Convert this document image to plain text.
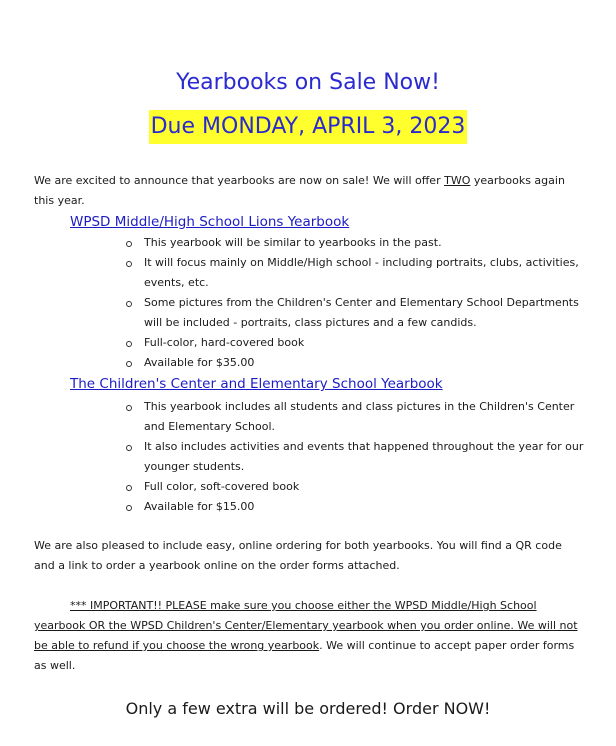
Yearbooks on Sale Now!
Due MONDAY, APRIL 3, 2023
We are excited to announce that yearbooks are now on sale! We will offer TWO yearbooks again this year.
WPSD Middle/High School Lions Yearbook
This yearbook will be similar to yearbooks in the past.
It will focus mainly on Middle/High school - including portraits, clubs, activities, events, etc.
Some pictures from the Children's Center and Elementary School Departments will be included - portraits, class pictures and a few candids.
Full-color, hard-covered book
Available for $35.00
The Children's Center and Elementary School Yearbook
This yearbook includes all students and class pictures in the Children's Center and Elementary School.
It also includes activities and events that happened throughout the year for our younger students.
Full color, soft-covered book
Available for $15.00
We are also pleased to include easy, online ordering for both yearbooks. You will find a QR code and a link to order a yearbook online on the order forms attached.
*** IMPORTANT!! PLEASE make sure you choose either the WPSD Middle/High School yearbook OR the WPSD Children's Center/Elementary yearbook when you order online. We will not be able to refund if you choose the wrong yearbook. We will continue to accept paper order forms as well.
Only a few extra will be ordered! Order NOW!
